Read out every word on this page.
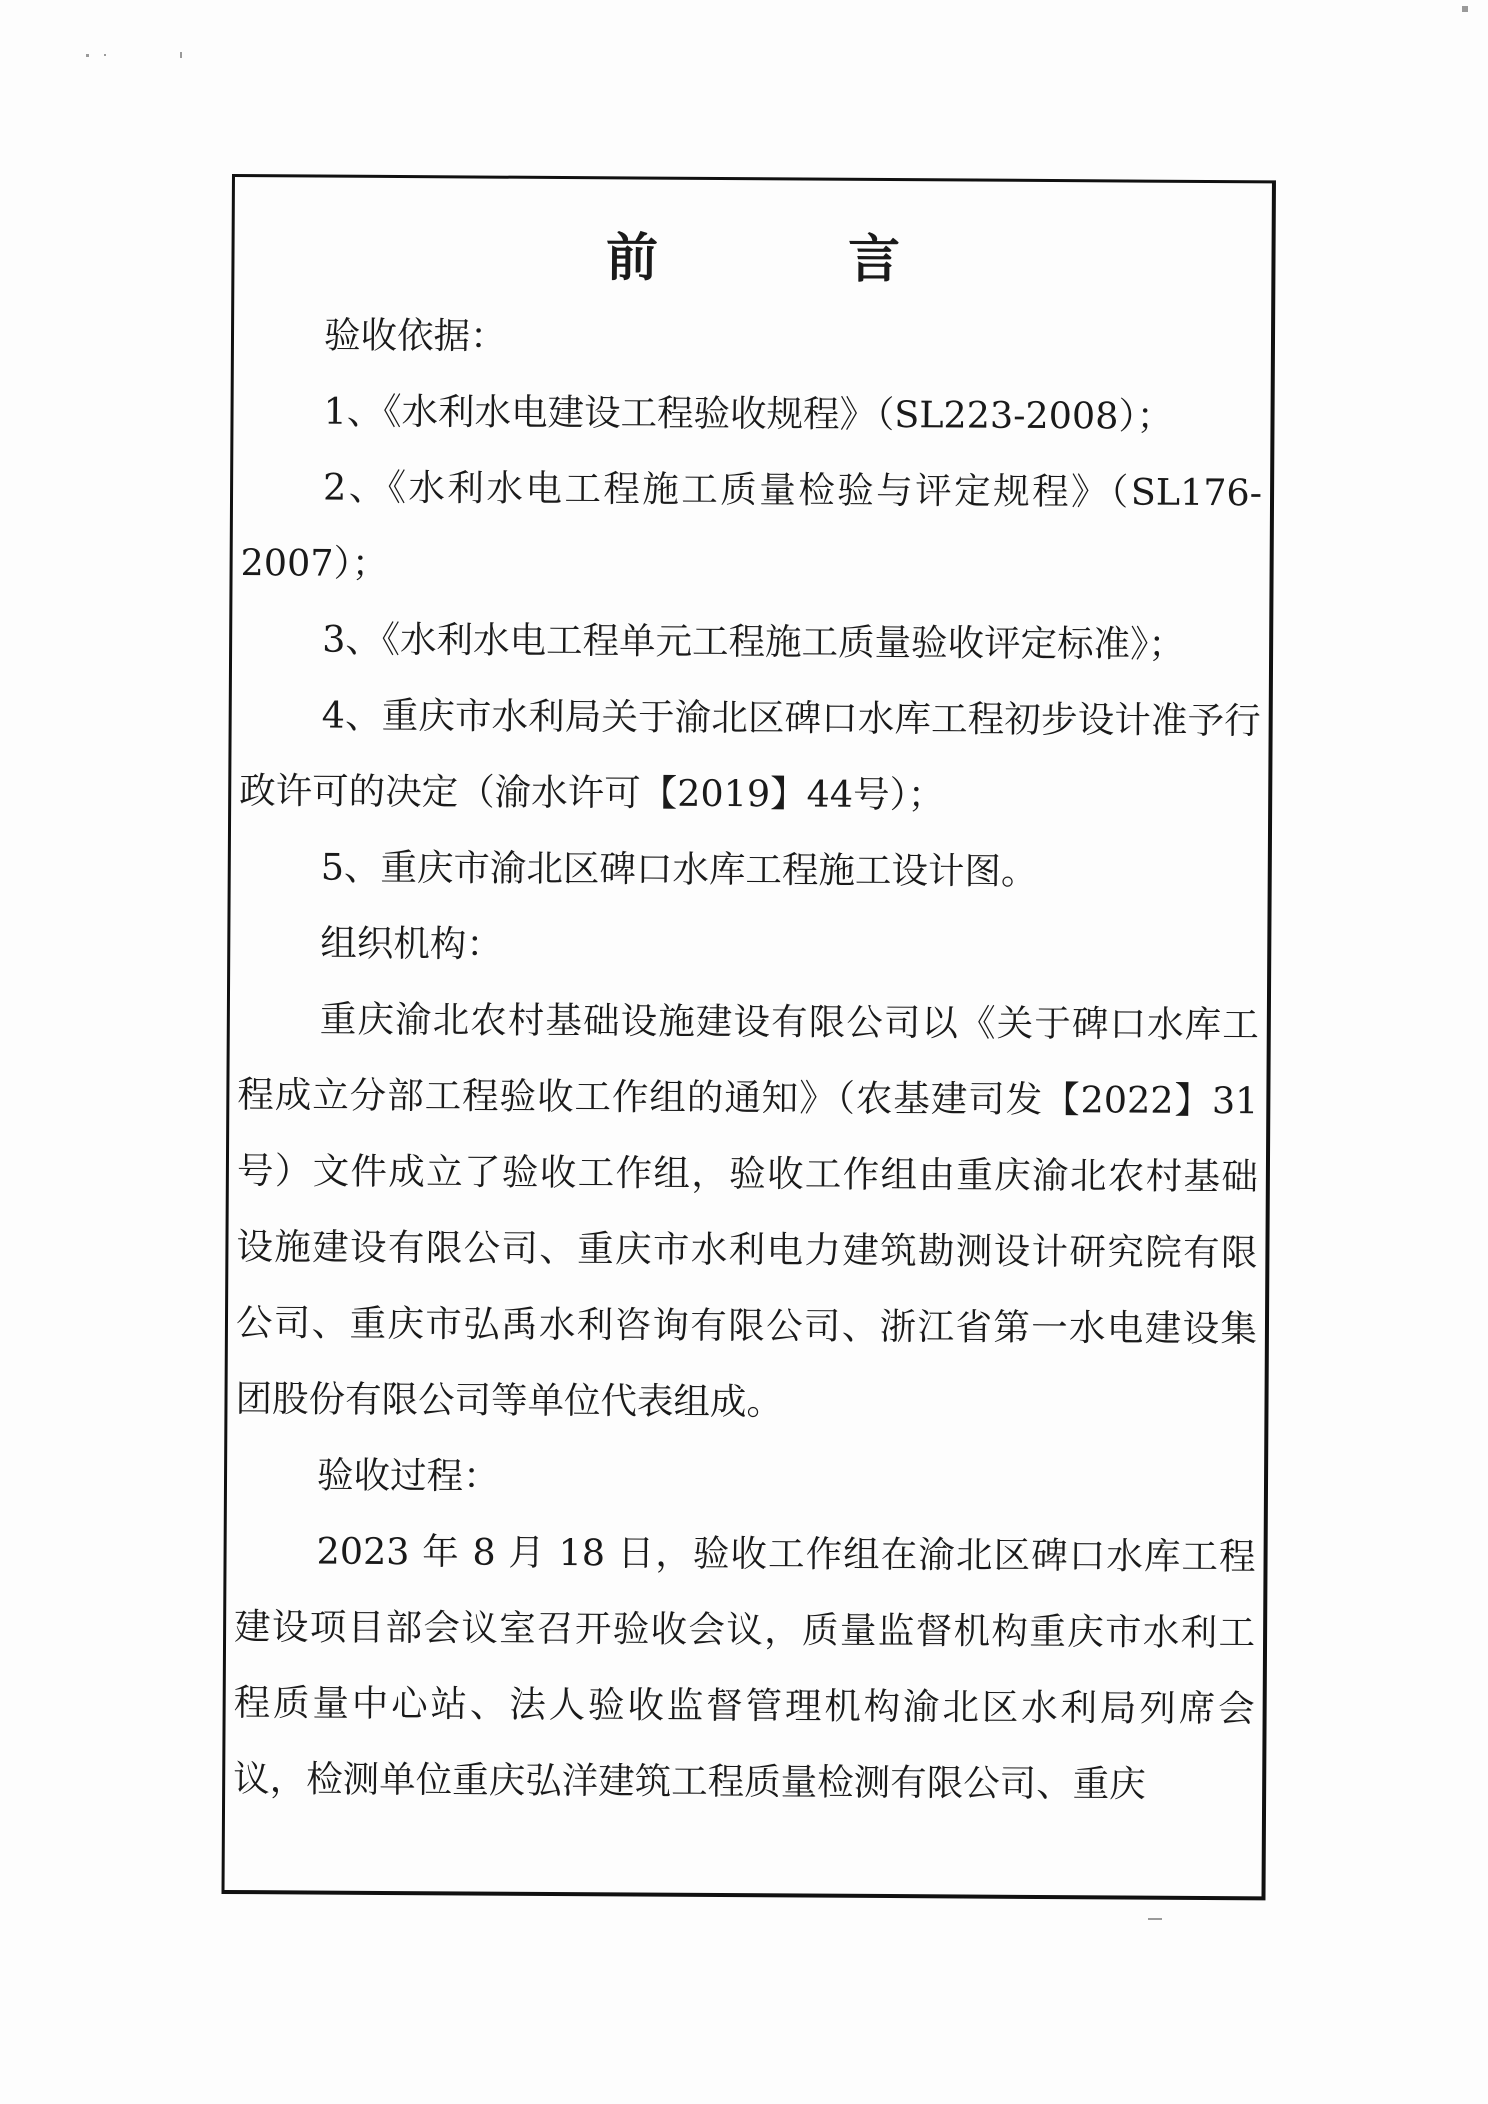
前 言

验收依据：

1、《水利水电建设工程验收规程》（SL223-2008）；

2、《水利水电工程施工质量检验与评定规程》（SL176-2007）；

3、《水利水电工程单元工程施工质量验收评定标准》；

4、重庆市水利局关于渝北区碑口水库工程初步设计准予行政许可的决定（渝水许可【2019】44号）；

5、重庆市渝北区碑口水库工程施工设计图。

组织机构：

重庆渝北农村基础设施建设有限公司以《关于碑口水库工程成立分部工程验收工作组的通知》（农基建司发【2022】31 号）文件成立了验收工作组，验收工作组由重庆渝北农村基础设施建设有限公司、重庆市水利电力建筑勘测设计研究院有限公司、重庆市弘禹水利咨询有限公司、浙江省第一水电建设集团股份有限公司等单位代表组成。

验收过程：

2023 年 8 月 18 日，验收工作组在渝北区碑口水库工程建设项目部会议室召开验收会议，质量监督机构重庆市水利工程质量中心站、法人验收监督管理机构渝北区水利局列席会议，检测单位重庆弘洋建筑工程质量检测有限公司、重庆
